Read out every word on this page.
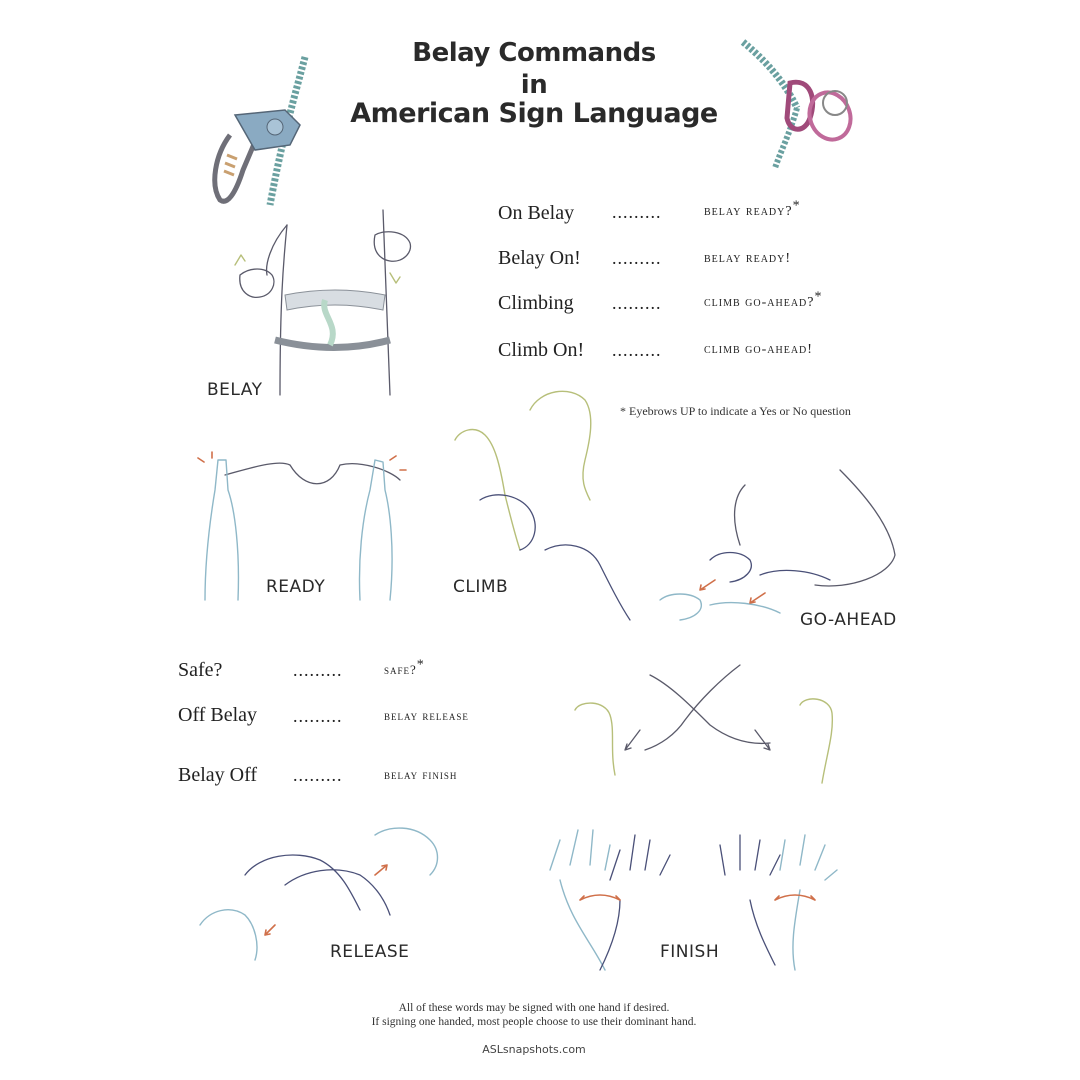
Belay Commands
in
American Sign Language
On Belay .........	belay ready?*
Belay On! .........	belay ready!
Climbing .........	climb go-ahead?*
Climb On! .........	climb go-ahead!
* Eyebrows UP to indicate a Yes or No question
BELAY
READY	CLIMB
GO-AHEAD
Safe?	.........	safe?*
Off Belay .........	belay release
Belay Off .........	belay finish
RELEASE	FINISH
All of these words may be signed with one hand if desired.
If signing one handed, most people choose to use their dominant hand.
ASLsnapshots.com
